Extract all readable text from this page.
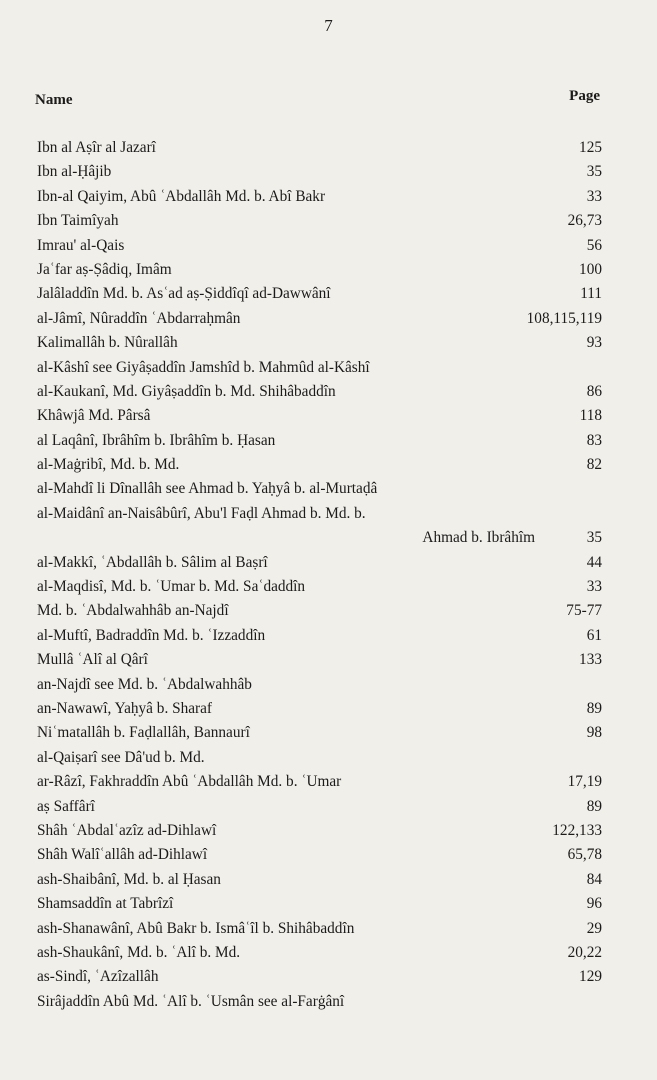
7
Name	Page
Ibn al Aṣîr al Jazarî	125
Ibn al-Ḥâjib	35
Ibn-al Qaiyim, Abû ʿAbdallâh Md. b. Abî Bakr	33
Ibn Taimîyah	26,73
Imrau' al-Qais	56
Jaʿfar aṣ-Ṣâdiq, Imâm	100
Jalâladdîn Md. b. Asʿad aṣ-Ṣiddîqî ad-Dawwânî	111
al-Jâmî, Nûraddîn ʿAbdarraḥmân	108,115,119
Kalimallâh b. Nûrallâh	93
al-Kâshî see Giyâṣaddîn Jamshîd b. Mahmûd al-Kâshî
al-Kaukanî, Md. Giyâṣaddîn b. Md. Shihâbaddîn	86
Khâwjâ Md. Pârsâ	118
al Laqânî, Ibrâhîm b. Ibrâhîm b. Ḥasan	83
al-Maġribî, Md. b. Md.	82
al-Mahdî li Dînallâh see Ahmad b. Yaḥyâ b. al-Murtaḍâ
al-Maidânî an-Naisâbûrî, Abu'l Faḍl Ahmad b. Md. b.
Ahmad b. Ibrâhîm	35
al-Makkî, ʿAbdallâh b. Sâlim al Baṣrî	44
al-Maqdisî, Md. b. ʿUmar b. Md. Saʿdaddîn	33
Md. b. ʿAbdalwahhâb an-Najdî	75-77
al-Muftî, Badraddîn Md. b. ʿIzzaddîn	61
Mullâ ʿAlî al Qârî	133
an-Najdî see Md. b. ʿAbdalwahhâb
an-Nawawî, Yaḥyâ b. Sharaf	89
Niʿmatallâh b. Faḍlallâh, Bannaurî	98
al-Qaiṣarî see Dâ'ud b. Md.
ar-Râzî, Fakhraddîn Abû ʿAbdallâh Md. b. ʿUmar	17,19
aṣ Saffârî	89
Shâh ʿAbdalʿazîz ad-Dihlawî	122,133
Shâh Walîʿallâh ad-Dihlawî	65,78
ash-Shaibânî, Md. b. al Ḥasan	84
Shamsaddîn at Tabrîzî	96
ash-Shanawânî, Abû Bakr b. Ismâʿîl b. Shihâbaddîn	29
ash-Shaukânî, Md. b. ʿAlî b. Md.	20,22
as-Sindî, ʿAzîzallâh	129
Sirâjaddîn Abû Md. ʿAlî b. ʿUsmân see al-Farġânî
